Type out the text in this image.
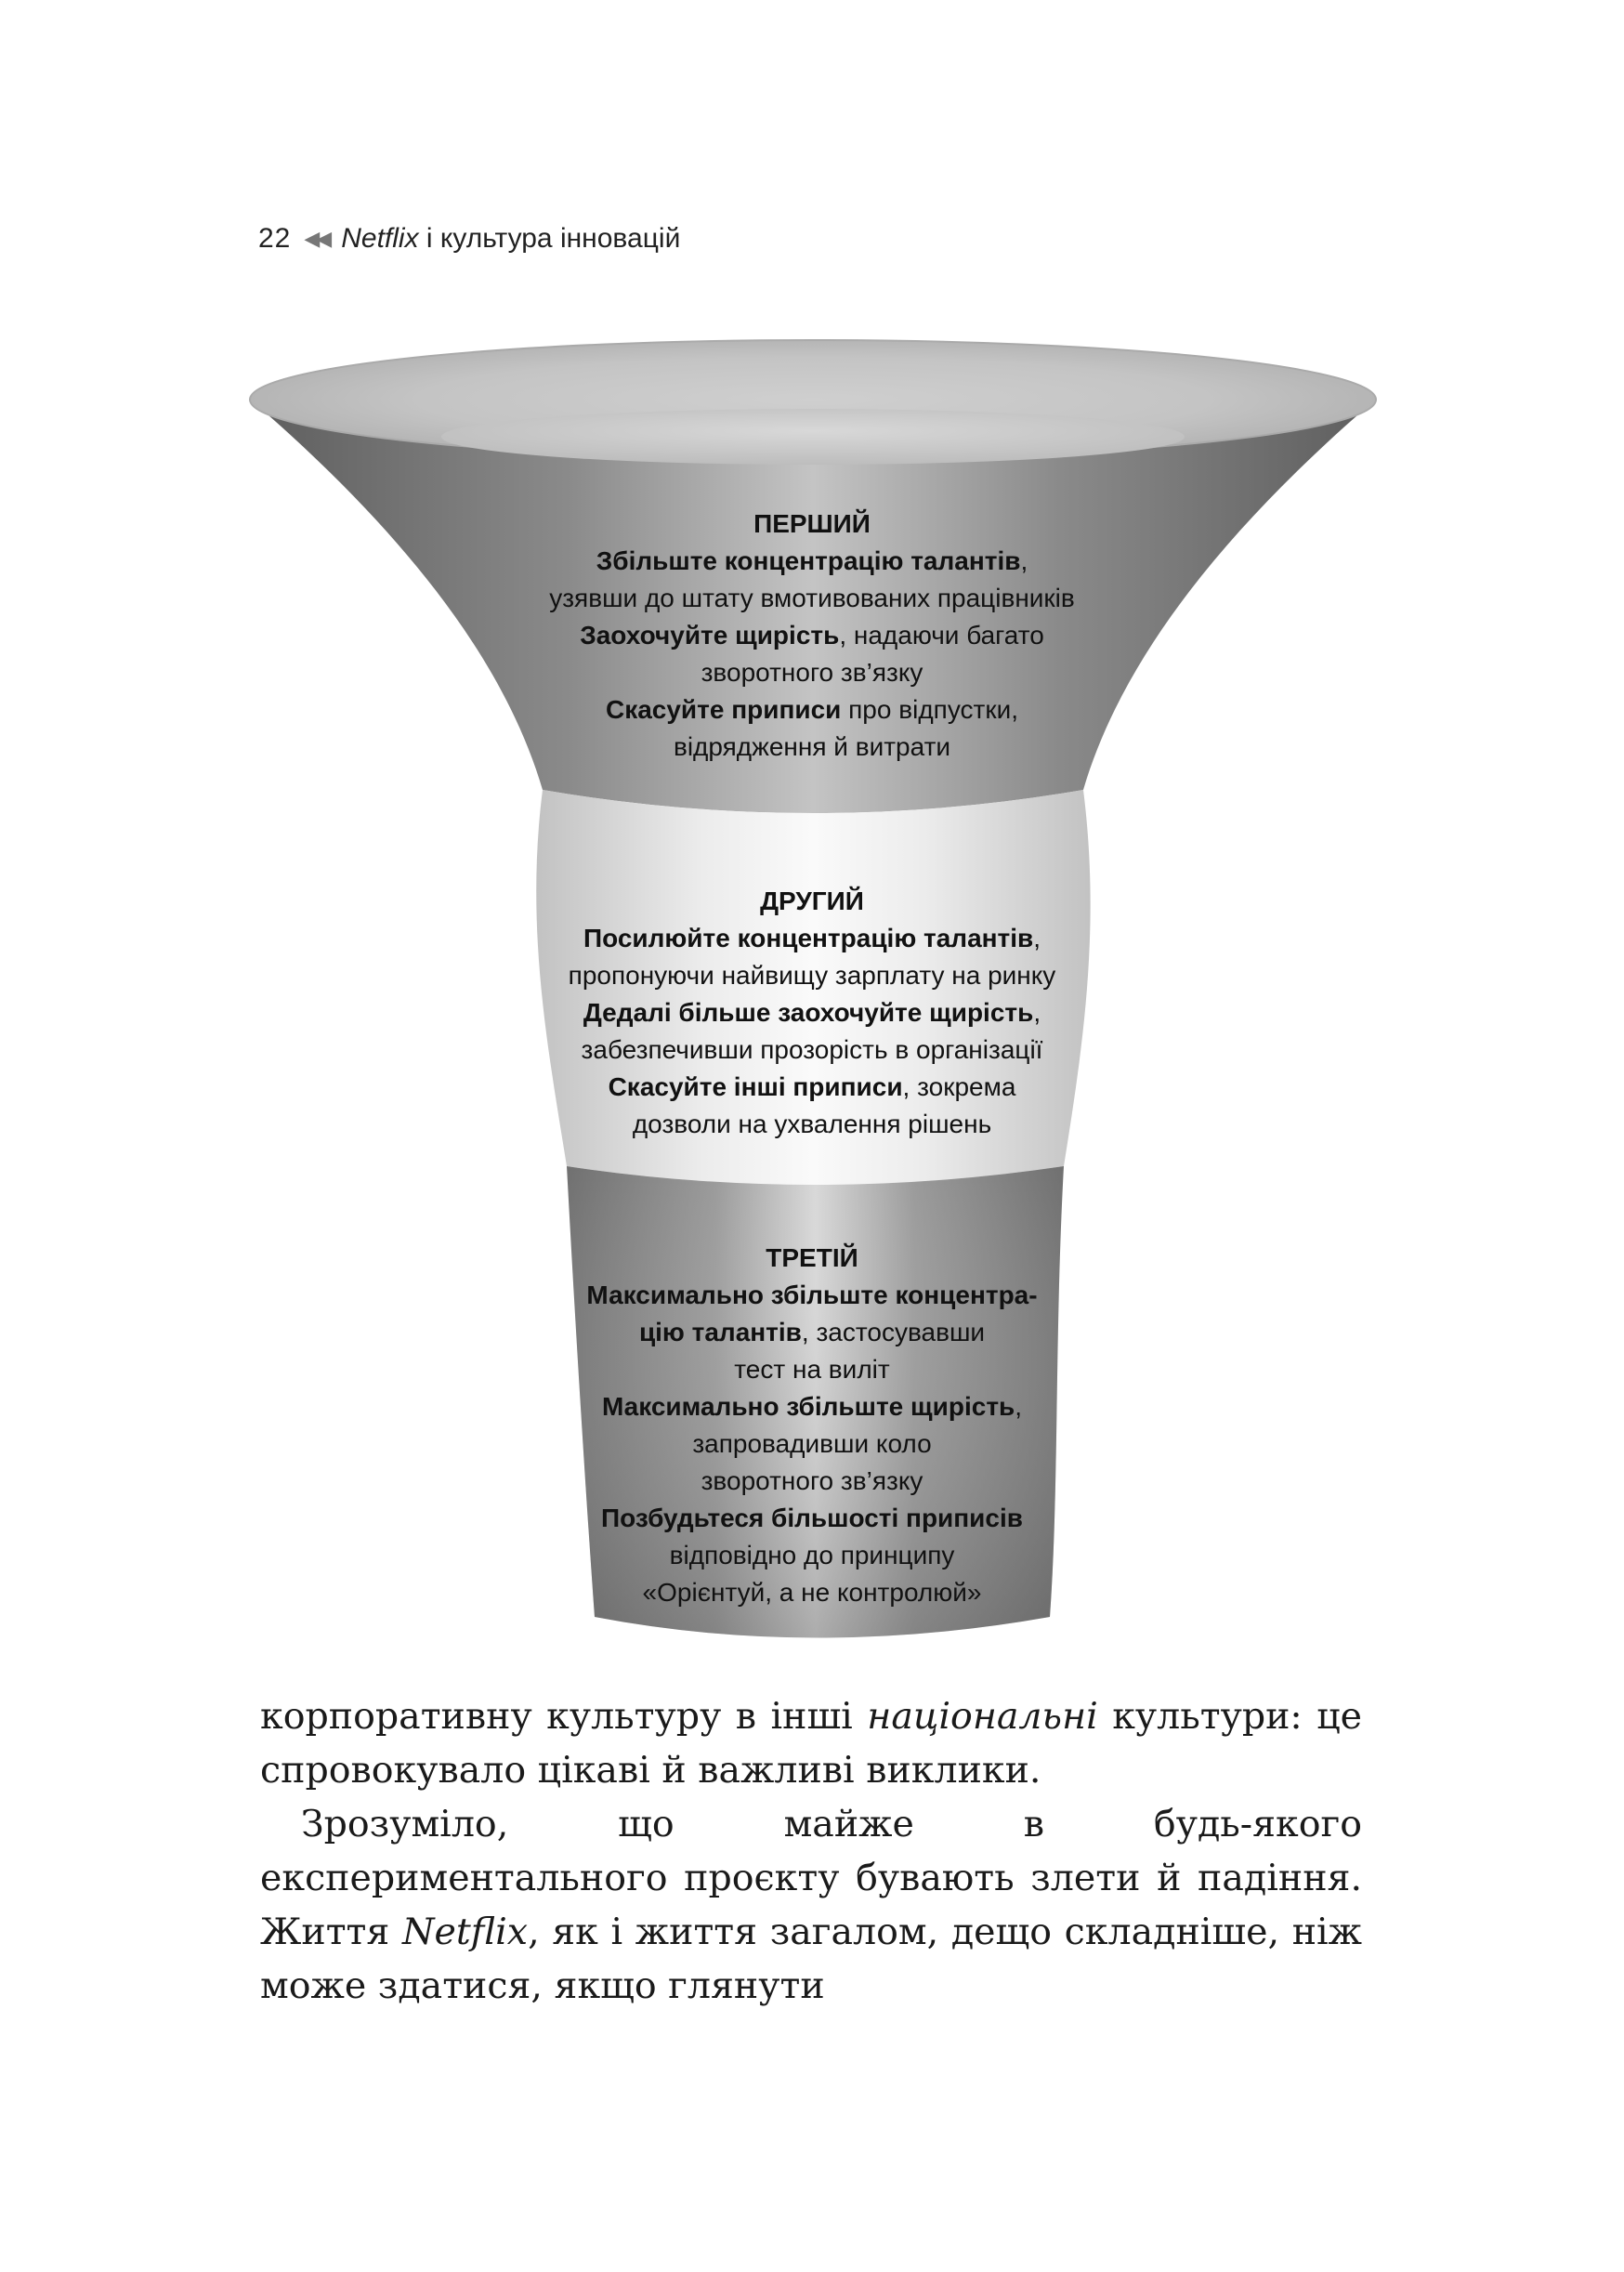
22 ◀◀ Netflix і культура інновацій
ПЕРШИЙ
Збільште концентрацію талантів,
узявши до штату вмотивованих працівників
Заохочуйте щирість, надаючи багато
зворотного зв’язку
Скасуйте приписи про відпустки,
відрядження й витрати
ДРУГИЙ
Посилюйте концентрацію талантів,
пропонуючи найвищу зарплату на ринку
Дедалі більше заохочуйте щирість,
забезпечивши прозорість в організації
Скасуйте інші приписи, зокрема
дозволи на ухвалення рішень
ТРЕТІЙ
Максимально збільште концентра-
цію талантів, застосувавши
тест на виліт
Максимально збільште щирість,
запровадивши коло
зворотного зв’язку
Позбудьтеся більшості приписів
відповідно до принципу
«Орієнтуй, а не контролюй»

корпоративну культуру в інші національні культури: це спровокувало цікаві й важливі виклики.

Зрозуміло, що майже в будь-якого експериментального проєкту бувають злети й падіння. Життя Netflix, як і життя загалом, дещо складніше, ніж може здатися, якщо глянути
